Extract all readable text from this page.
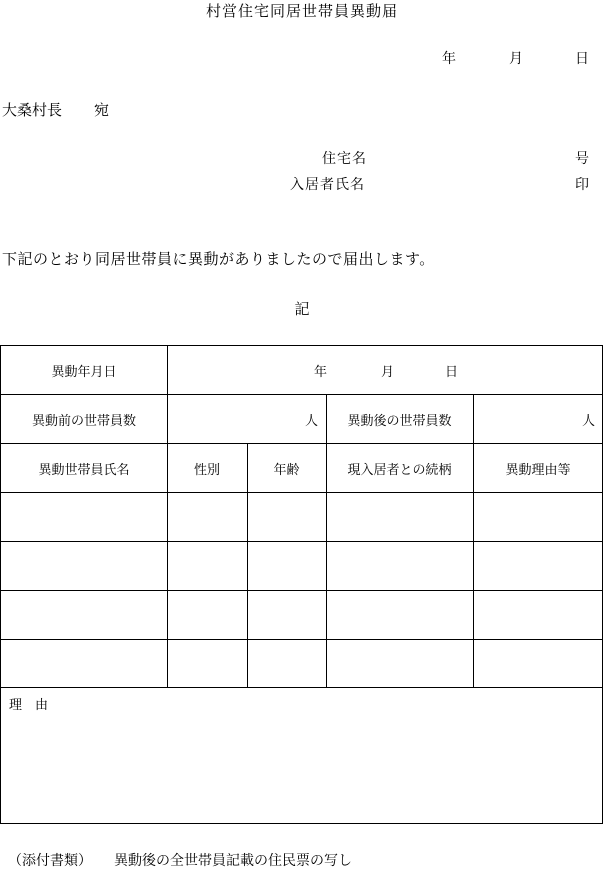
村営住宅同居世帯員異動届
年	月	日
大桑村長 宛
住宅名	号
入居者氏名	印
下記のとおり同居世帯員に異動がありましたので届出します。
記
異動年月日	年	月	日
異動前の世帯員数	人	異動後の世帯員数	人
異動世帯員氏名	性別	年齢	現入居者との続柄	異動理由等
理　由
（添付書類） 異動後の全世帯員記載の住民票の写し
